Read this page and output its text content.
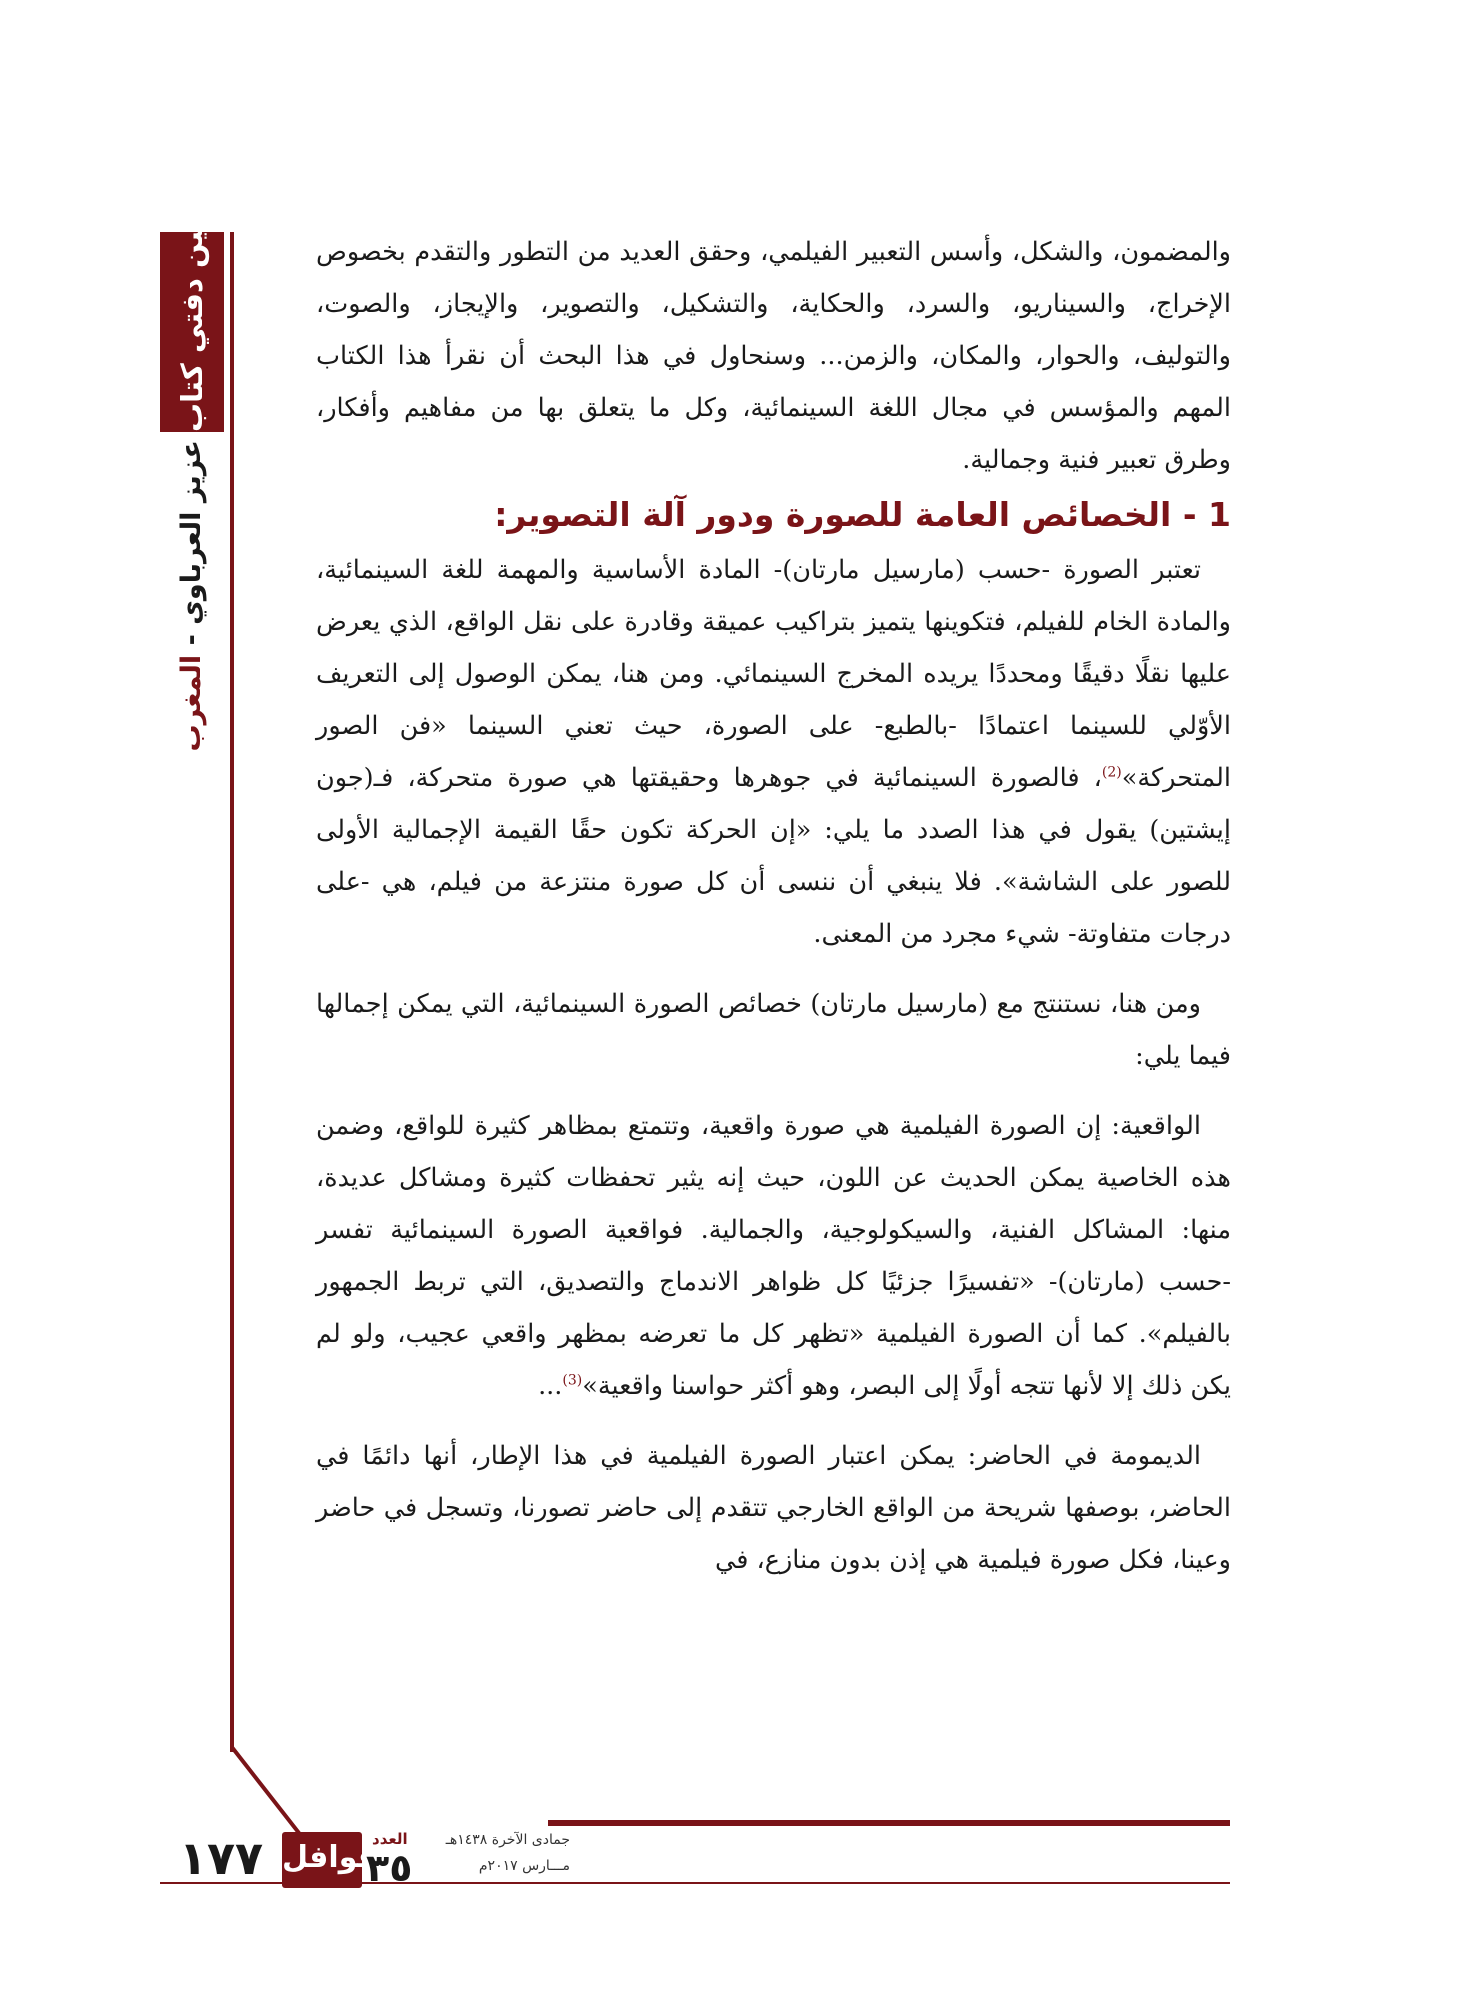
بين دفتي كتاب
عزيز العرباوي - المغرب

والمضمون، والشكل، وأسس التعبير الفيلمي، وحقق العديد من التطور والتقدم بخصوص الإخراج، والسيناريو، والسرد، والحكاية، والتشكيل، والتصوير، والإيجاز، والصوت، والتوليف، والحوار، والمكان، والزمن... وسنحاول في هذا البحث أن نقرأ هذا الكتاب المهم والمؤسس في مجال اللغة السينمائية، وكل ما يتعلق بها من مفاهيم وأفكار، وطرق تعبير فنية وجمالية.

1 - الخصائص العامة للصورة ودور آلة التصوير:

تعتبر الصورة -حسب (مارسيل مارتان)- المادة الأساسية والمهمة للغة السينمائية، والمادة الخام للفيلم، فتكوينها يتميز بتراكيب عميقة وقادرة على نقل الواقع، الذي يعرض عليها نقلًا دقيقًا ومحددًا يريده المخرج السينمائي. ومن هنا، يمكن الوصول إلى التعريف الأوّلي للسينما اعتمادًا -بالطبع- على الصورة، حيث تعني السينما «فن الصور المتحركة»$^{(2)}$، فالصورة السينمائية في جوهرها وحقيقتها هي صورة متحركة، فـ(جون إيشتين) يقول في هذا الصدد ما يلي: «إن الحركة تكون حقًا القيمة الإجمالية الأولى للصور على الشاشة». فلا ينبغي أن ننسى أن كل صورة منتزعة من فيلم، هي -على درجات متفاوتة- شيء مجرد من المعنى.

ومن هنا، نستنتج مع (مارسيل مارتان) خصائص الصورة السينمائية، التي يمكن إجمالها فيما يلي:

الواقعية: إن الصورة الفيلمية هي صورة واقعية، وتتمتع بمظاهر كثيرة للواقع، وضمن هذه الخاصية يمكن الحديث عن اللون، حيث إنه يثير تحفظات كثيرة ومشاكل عديدة، منها: المشاكل الفنية، والسيكولوجية، والجمالية. فواقعية الصورة السينمائية تفسر -حسب (مارتان)- «تفسيرًا جزئيًا كل ظواهر الاندماج والتصديق، التي تربط الجمهور بالفيلم». كما أن الصورة الفيلمية «تظهر كل ما تعرضه بمظهر واقعي عجيب، ولو لم يكن ذلك إلا لأنها تتجه أولًا إلى البصر، وهو أكثر حواسنا واقعية»$^{(3)}$...

الديمومة في الحاضر: يمكن اعتبار الصورة الفيلمية في هذا الإطار، أنها دائمًا في الحاضر، بوصفها شريحة من الواقع الخارجي تتقدم إلى حاضر تصورنا، وتسجل في حاضر وعينا، فكل صورة فيلمية هي إذن بدون منازع، في

١٧٧ قوافل
العدد
٣٥
جمادى الآخرة ١٤٣٨هـ
مـــارس ٢٠١٧م
